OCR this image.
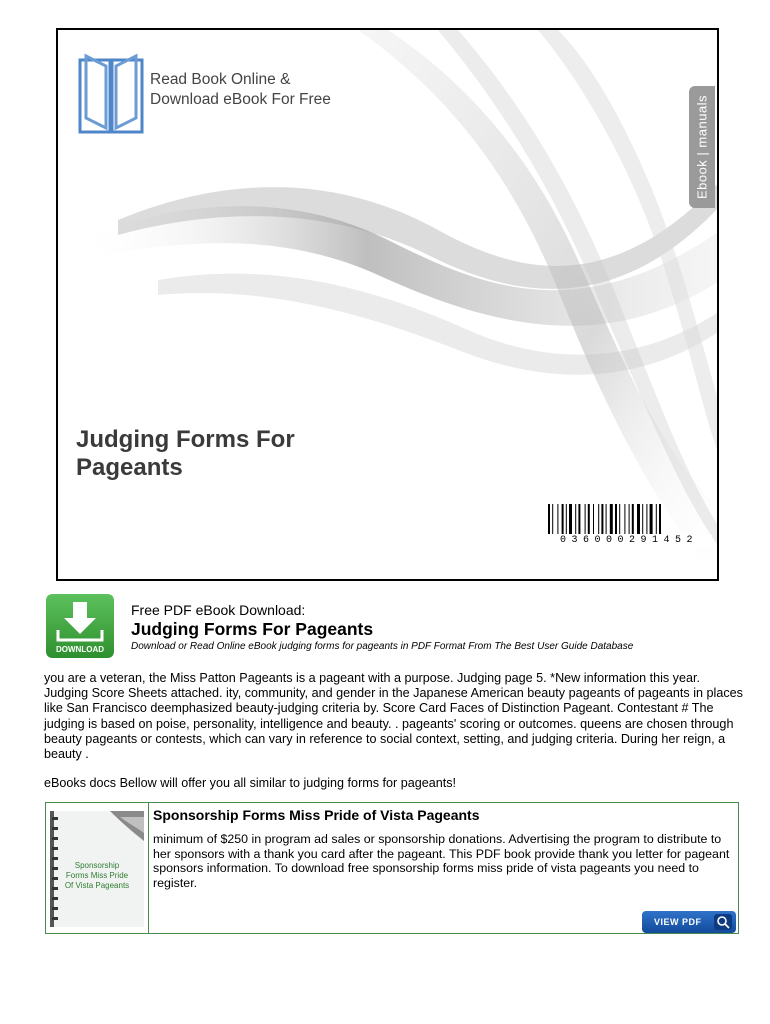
Read Book Online &
Download eBook For Free	Ebook | manuals
Judging Forms For
Pageants
036000291452
DOWNLOAD
Free PDF eBook Download:
Judging Forms For Pageants
Download or Read Online eBook judging forms for pageants in PDF Format From The Best User Guide Database
you are a veteran, the Miss Patton Pageants is a pageant with a purpose. Judging page 5. *New information this year. Judging Score Sheets attached. ity, community, and gender in the Japanese American beauty pageants of pageants in places like San Francisco deemphasized beauty-judging criteria by. Score Card Faces of Distinction Pageant. Contestant # The judging is based on poise, personality, intelligence and beauty. . pageants' scoring or outcomes. queens are chosen through beauty pageants or contests, which can vary in reference to social context, setting, and judging criteria. During her reign, a beauty .
eBooks docs Bellow will offer you all similar to judging forms for pageants!
Sponsorship
Forms Miss Pride
Of Vista Pageants
Sponsorship Forms Miss Pride of Vista Pageants
minimum of $250 in program ad sales or sponsorship donations. Advertising the program to distribute to her sponsors with a thank you card after the pageant. This PDF book provide thank you letter for pageant sponsors information. To download free sponsorship forms miss pride of vista pageants you need to register.
VIEW PDF
